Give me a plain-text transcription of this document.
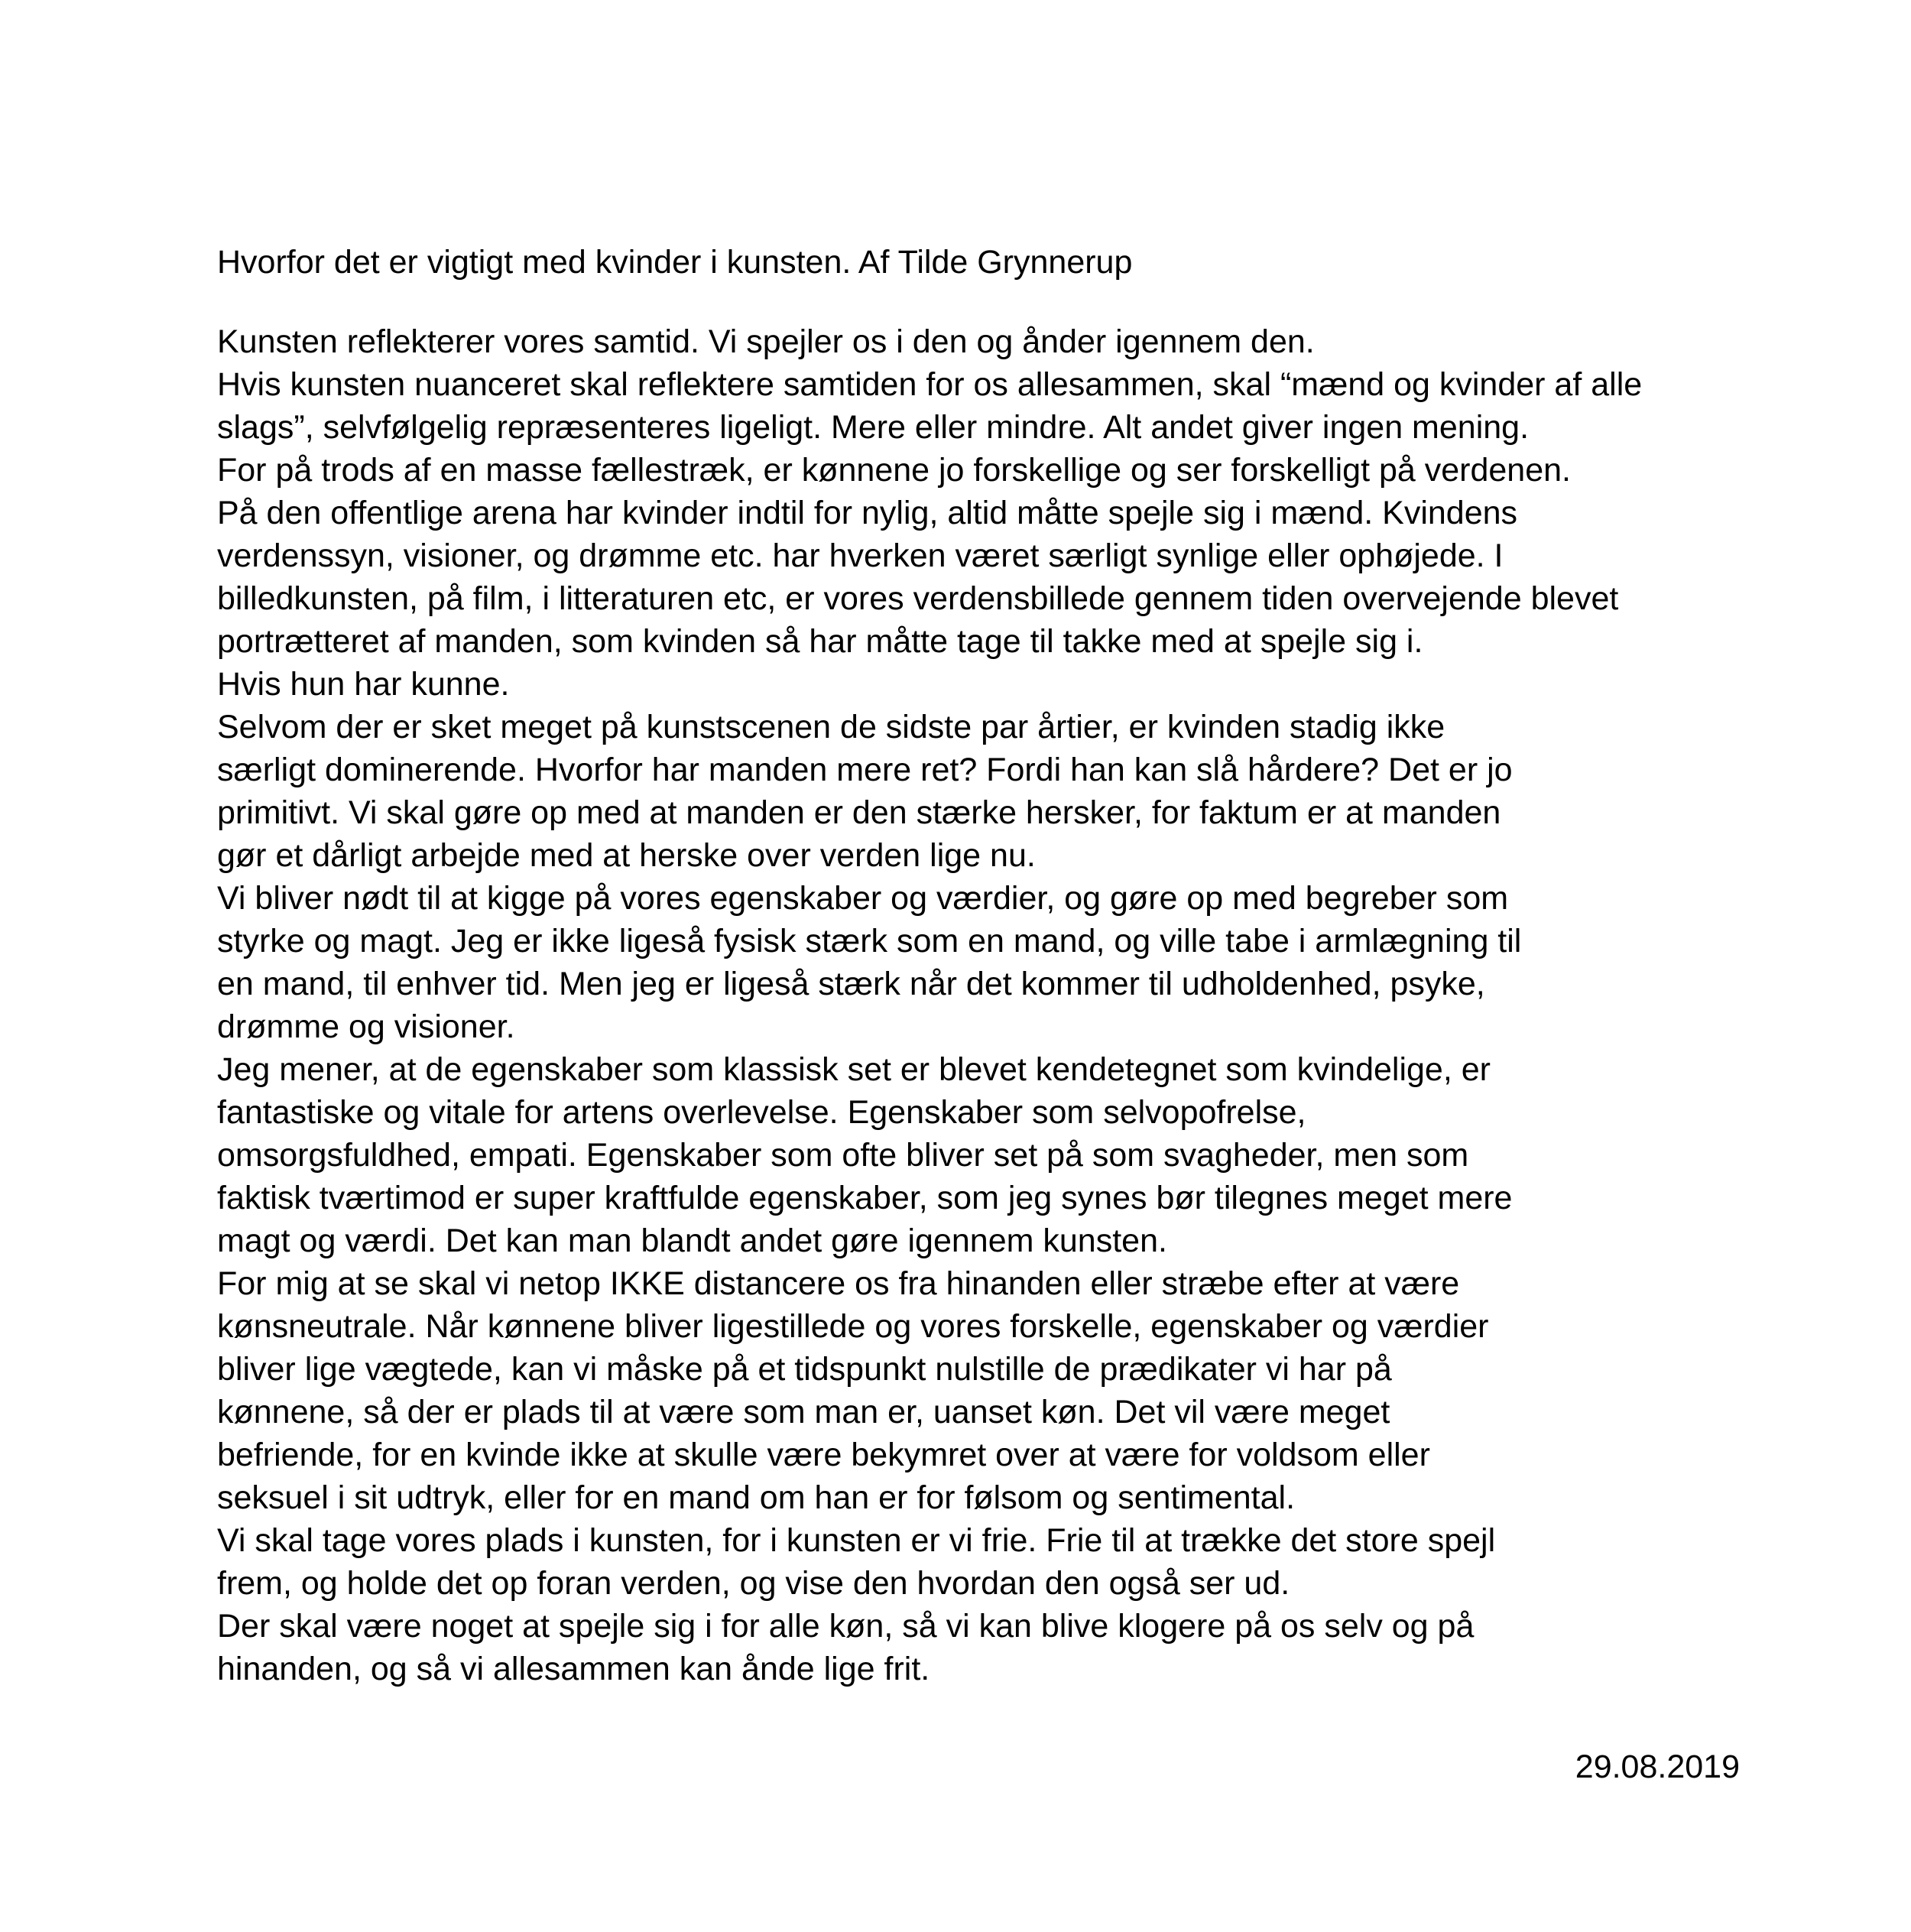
Hvorfor det er vigtigt med kvinder i kunsten. Af Tilde Grynnerup
Kunsten reflekterer vores samtid. Vi spejler os i den og ånder igennem den.
Hvis kunsten nuanceret skal reflektere samtiden for os allesammen, skal “mænd og kvinder af alle
slags”, selvfølgelig repræsenteres ligeligt. Mere eller mindre. Alt andet giver ingen mening.
For på trods af en masse fællestræk, er kønnene jo forskellige og ser forskelligt på verdenen.
På den offentlige arena har kvinder indtil for nylig, altid måtte spejle sig i mænd. Kvindens
verdenssyn, visioner, og drømme etc. har hverken været særligt synlige eller ophøjede. I
billedkunsten, på film, i litteraturen etc, er vores verdensbillede gennem tiden overvejende blevet
portrætteret af manden, som kvinden så har måtte tage til takke med at spejle sig i.
Hvis hun har kunne.
Selvom der er sket meget på kunstscenen de sidste par årtier, er kvinden stadig ikke
særligt dominerende. Hvorfor har manden mere ret? Fordi han kan slå hårdere? Det er jo
primitivt. Vi skal gøre op med at manden er den stærke hersker, for faktum er at manden
gør et dårligt arbejde med at herske over verden lige nu.
Vi bliver nødt til at kigge på vores egenskaber og værdier, og gøre op med begreber som
styrke og magt. Jeg er ikke ligeså fysisk stærk som en mand, og ville tabe i armlægning til
en mand, til enhver tid. Men jeg er ligeså stærk når det kommer til udholdenhed, psyke,
drømme og visioner.
Jeg mener, at de egenskaber som klassisk set er blevet kendetegnet som kvindelige, er
fantastiske og vitale for artens overlevelse. Egenskaber som selvopofrelse,
omsorgsfuldhed, empati. Egenskaber som ofte bliver set på som svagheder, men som
faktisk tværtimod er super kraftfulde egenskaber, som jeg synes bør tilegnes meget mere
magt og værdi. Det kan man blandt andet gøre igennem kunsten.
For mig at se skal vi netop IKKE distancere os fra hinanden eller stræbe efter at være
kønsneutrale. Når kønnene bliver ligestillede og vores forskelle, egenskaber og værdier
bliver lige vægtede, kan vi måske på et tidspunkt nulstille de prædikater vi har på
kønnene, så der er plads til at være som man er, uanset køn. Det vil være meget
befriende, for en kvinde ikke at skulle være bekymret over at være for voldsom eller
seksuel i sit udtryk, eller for en mand om han er for følsom og sentimental.
Vi skal tage vores plads i kunsten, for i kunsten er vi frie. Frie til at trække det store spejl
frem, og holde det op foran verden, og vise den hvordan den også ser ud.
Der skal være noget at spejle sig i for alle køn, så vi kan blive klogere på os selv og på
hinanden, og så vi allesammen kan ånde lige frit.
29.08.2019
